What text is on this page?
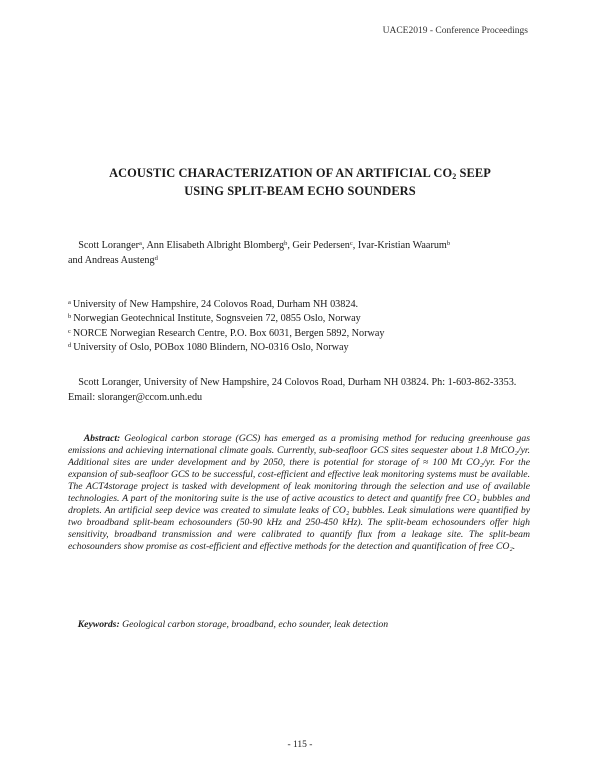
UACE2019 - Conference Proceedings
ACOUSTIC CHARACTERIZATION OF AN ARTIFICIAL $CO_2$ SEEP
USING SPLIT-BEAM ECHO SOUNDERS
Scott Loranger$^a$, Ann Elisabeth Albright Blomberg$^b$, Geir Pedersen$^c$, Ivar-Kristian Waarum$^b$
and Andreas Austeng$^d$
$^a$ University of New Hampshire, 24 Colovos Road, Durham NH 03824.
$^b$ Norwegian Geotechnical Institute, Sognsveien 72, 0855 Oslo, Norway
$^c$ NORCE Norwegian Research Centre, P.O. Box 6031, Bergen 5892, Norway
$^d$ University of Oslo, POBox 1080 Blindern, NO-0316 Oslo, Norway
Scott Loranger, University of New Hampshire, 24 Colovos Road, Durham NH 03824. Ph: 1-603-862-3353. Email: sloranger@ccom.unh.edu
Abstract: Geological carbon storage (GCS) has emerged as a promising method for reducing greenhouse gas emissions and achieving international climate goals. Currently, sub-seafloor GCS sites sequester about 1.8 MtCO₂/yr. Additional sites are under development and by 2050, there is potential for storage of ≈ 100 Mt CO₂/yr. For the expansion of sub-seafloor GCS to be successful, cost-efficient and effective leak monitoring systems must be available. The ACT4storage project is tasked with development of leak monitoring through the selection and use of available technologies. A part of the monitoring suite is the use of active acoustics to detect and quantify free CO₂ bubbles and droplets. An artificial seep device was created to simulate leaks of CO₂ bubbles. Leak simulations were quantified by two broadband split-beam echosounders (50-90 kHz and 250-450 kHz). The split-beam echosounders offer high sensitivity, broadband transmission and were calibrated to quantify flux from a leakage site. The split-beam echosounders show promise as cost-efficient and effective methods for the detection and quantification of free CO₂.
Keywords: Geological carbon storage, broadband, echo sounder, leak detection
- 115 -
